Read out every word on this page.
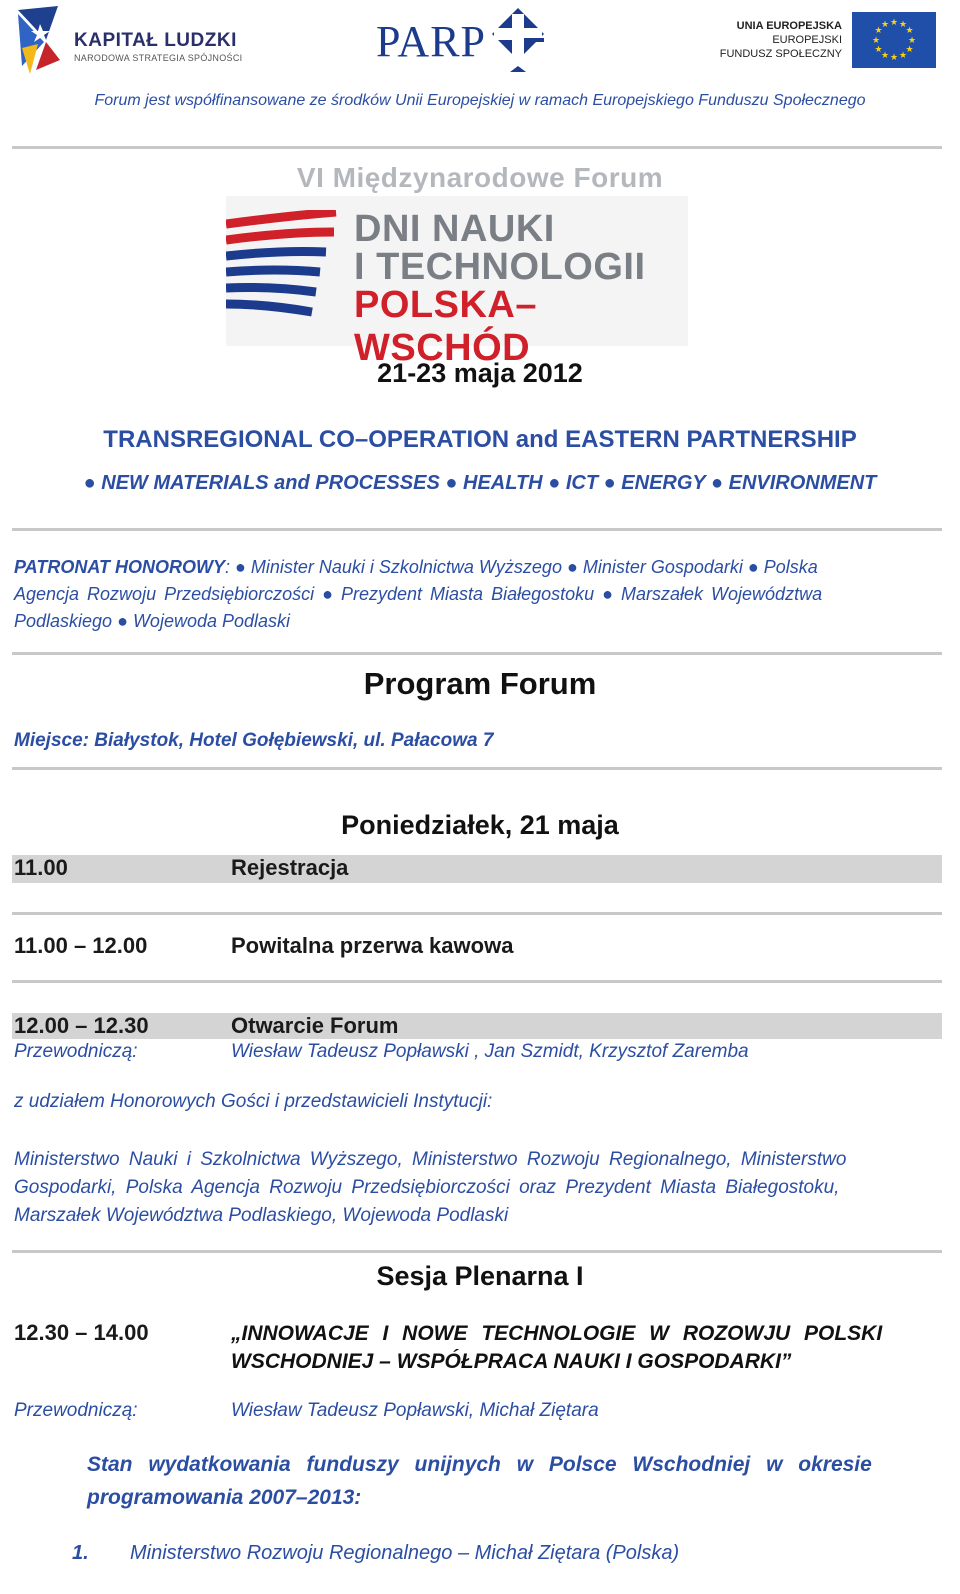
KAPITAŁ LUDZKI
NARODOWA STRATEGIA SPÓJNOŚCI	PARP	UNIA EUROPEJSKA
EUROPEJSKI
FUNDUSZ SPOŁECZNY
★ ★
★
★
★
★
★
★
★
★
★
★
Forum jest współfinansowane ze środków Unii Europejskiej w ramach Europejskiego Funduszu Społecznego
VI Międzynarodowe Forum
DNI NAUKI
I TECHNOLOGII
POLSKA–WSCHÓD
21-23 maja 2012
TRANSREGIONAL CO–OPERATION and EASTERN PARTNERSHIP
● NEW MATERIALS and PROCESSES ● HEALTH ● ICT ● ENERGY ● ENVIRONMENT
PATRONAT HONOROWY: ● Minister Nauki i Szkolnictwa Wyższego ● Minister Gospodarki ● Polska
Agencja Rozwoju Przedsiębiorczości ● Prezydent Miasta Białegostoku ● Marszałek Województwa
Podlaskiego ● Wojewoda Podlaski
Program Forum
Miejsce: Białystok, Hotel Gołębiewski, ul. Pałacowa 7
Poniedziałek, 21 maja
11.00	Rejestracja
11.00 – 12.00	Powitalna przerwa kawowa
12.00 – 12.30	Otwarcie Forum
Przewodniczą:	Wiesław Tadeusz Popławski , Jan Szmidt, Krzysztof Zaremba
z udziałem Honorowych Gości i przedstawicieli Instytucji:
Ministerstwo Nauki i Szkolnictwa Wyższego, Ministerstwo Rozwoju Regionalnego, Ministerstwo
Gospodarki, Polska Agencja Rozwoju Przedsiębiorczości oraz Prezydent Miasta Białegostoku,
Marszałek Województwa Podlaskiego, Wojewoda Podlaski
Sesja Plenarna I
12.30 – 14.00	„INNOWACJE I NOWE TECHNOLOGIE W ROZOWJU POLSKI
WSCHODNIEJ – WSPÓŁPRACA NAUKI I GOSPODARKI”
Przewodniczą:	Wiesław Tadeusz Popławski, Michał Ziętara
Stan wydatkowania funduszy unijnych w Polsce Wschodniej w okresie
programowania 2007–2013:
1. Ministerstwo Rozwoju Regionalnego – Michał Ziętara (Polska)
